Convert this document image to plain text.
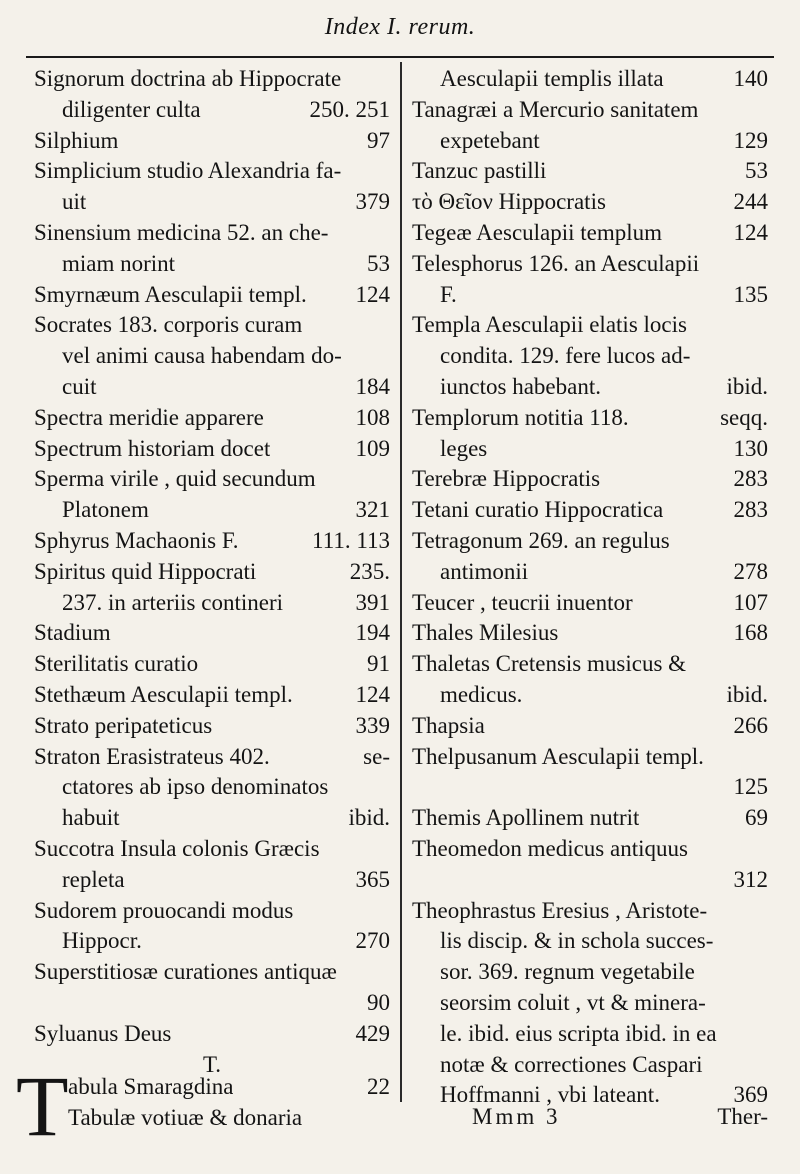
Index I. rerum.
Signorum doctrina ab Hippocrate
diligenter culta	250. 251
Silphium	97
Simplicium studio Alexandria fa-
uit	379
Sinensium medicina 52. an che-
miam norint	53
Smyrnæum Aesculapii templ. 124
Socrates 183. corporis curam
vel animi causa habendam do-
cuit	184
Spectra meridie apparere	108
Spectrum historiam docet	109
Sperma virile , quid secundum
Platonem	321
Sphyrus Machaonis F.	111. 113
Spiritus quid Hippocrati	235.
237. in arteriis contineri	391
Stadium	194
Sterilitatis curatio	91
Stethæum Aesculapii templ.	124
Strato peripateticus	339
Straton Erasistrateus 402.	se-
ctatores ab ipso denominatos
habuit	ibid.
Succotra Insula colonis Græcis
repleta	365
Sudorem prouocandi modus
Hippocr.	270
Superstitiosæ curationes antiquæ
90
Syluanus Deus	429
T.
Aesculapii templis illata	140
Tanagræi a Mercurio sanitatem
expetebant	129
Tanzuc pastilli	53
τὸ Θεῖον Hippocratis	244
Tegeæ Aesculapii templum	124
Telesphorus 126. an Aesculapii
F.	135
Templa Aesculapii elatis locis
condita. 129. fere lucos ad-
iunctos habebant.	ibid.
Templorum notitia 118.	seqq.
leges	130
Terebræ Hippocratis	283
Tetani curatio Hippocratica	283
Tetragonum 269. an regulus
antimonii	278
Teucer , teucrii inuentor	107
Thales Milesius	168
Thaletas Cretensis musicus &
medicus.	ibid.
Thapsia	266
Thelpusanum Aesculapii templ.
125
Themis Apollinem nutrit	69
Theomedon medicus antiquus
312
Theophrastus Eresius , Aristote-
lis discip. & in schola succes-
sor. 369. regnum vegetabile
seorsim coluit , vt & minera-
le. ibid. eius scripta ibid. in ea
notæ & correctiones Caspari
Hoffmanni , vbi lateant.	369
T abula Smaragdina	22
Tabulæ votiuæ & donaria	Mmm 3	Ther-
